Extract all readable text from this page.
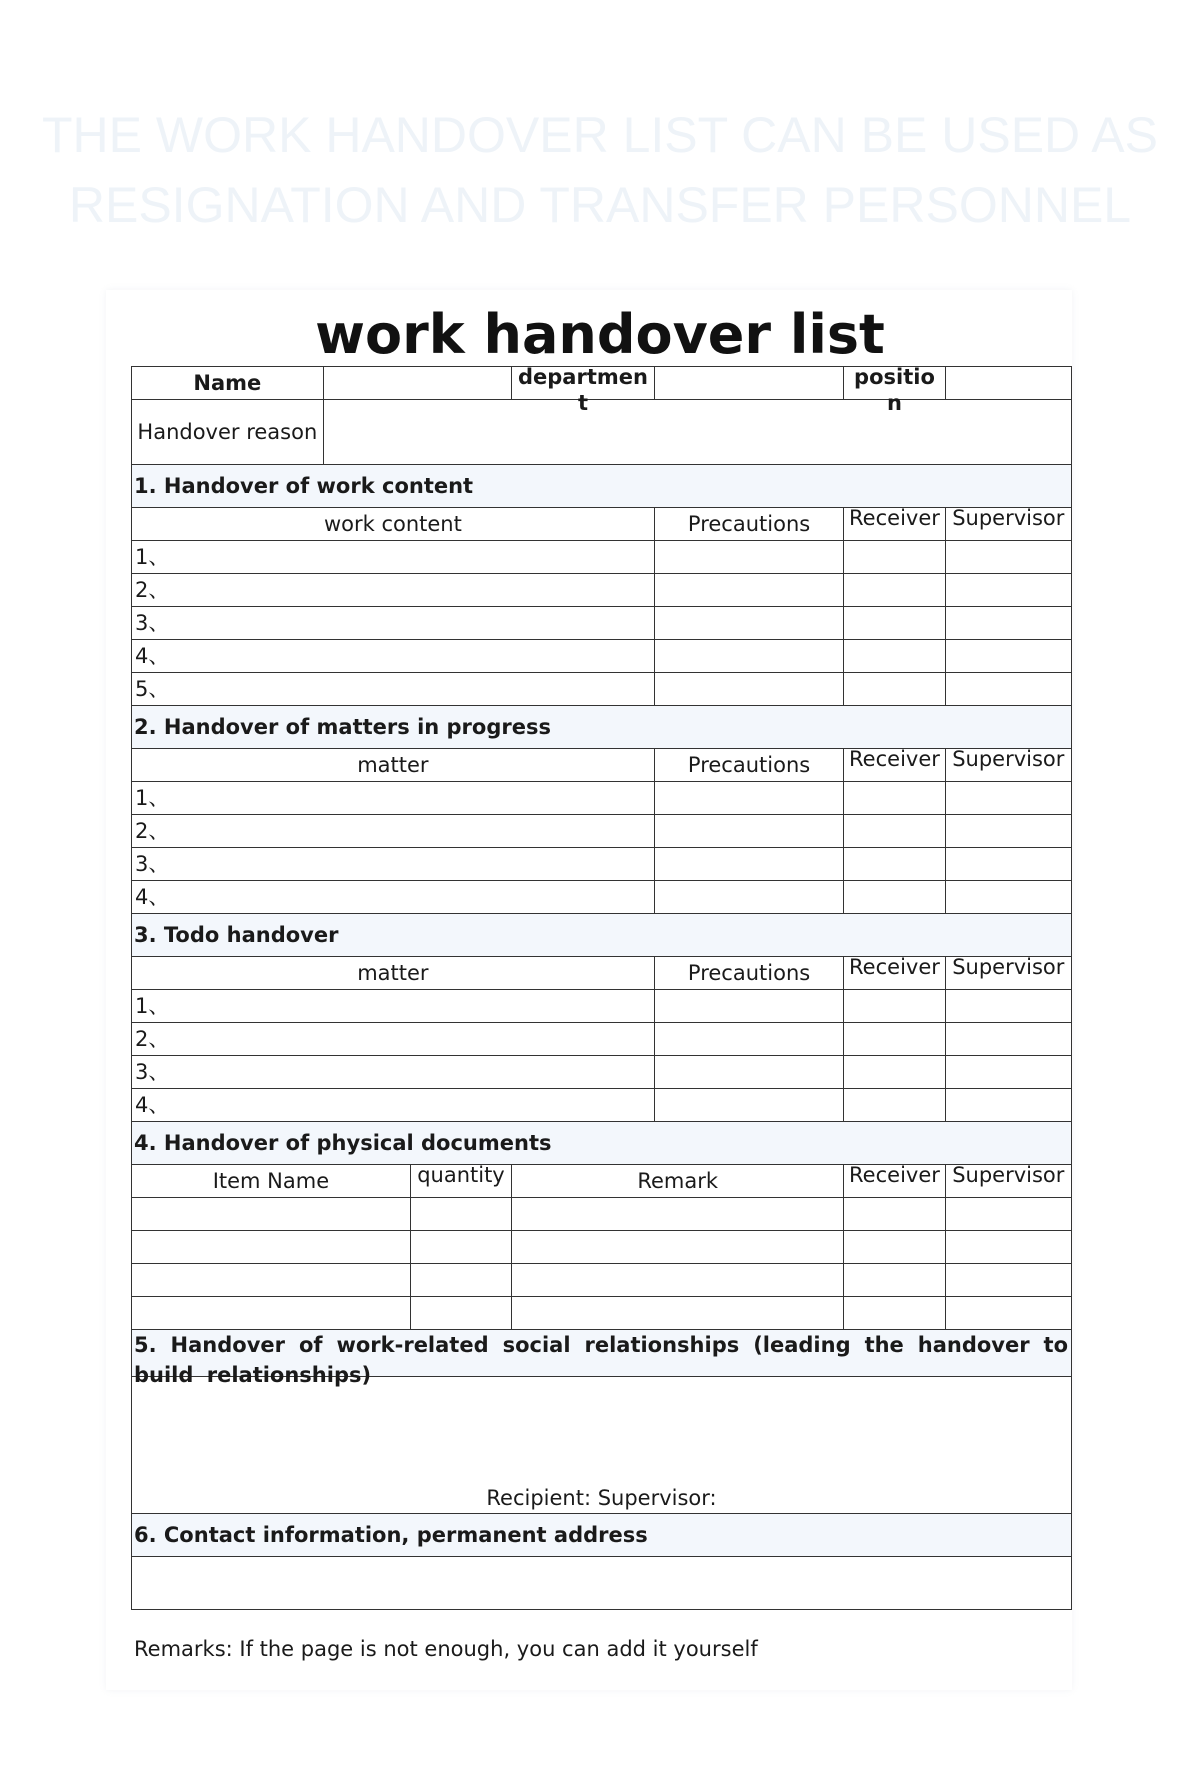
THE WORK HANDOVER LIST CAN BE USED AS
RESIGNATION AND TRANSFER PERSONNEL
work handover list
Name			department		position	

Handover reason						
1. Handover of work content						
work content				Precautions	Receiver	Supervisor

1、						
2、						
3、						
4、						
5、						
2. Handover of matters in progress						
matter				Precautions	Receiver	Supervisor

1、						
2、						
3、						
4、						
3. Todo handover						
matter				Precautions	Receiver	Supervisor

1、						
2、						
3、						
4、						
4. Handover of physical documents						
Item Name		quantity	Remark		Receiver	Supervisor

5. Handover of work-related social relationships (leading the handover to build relationships)						

Recipient: Supervisor:						
6. Contact information, permanent address						

Remarks: If the page is not enough, you can add it yourself
